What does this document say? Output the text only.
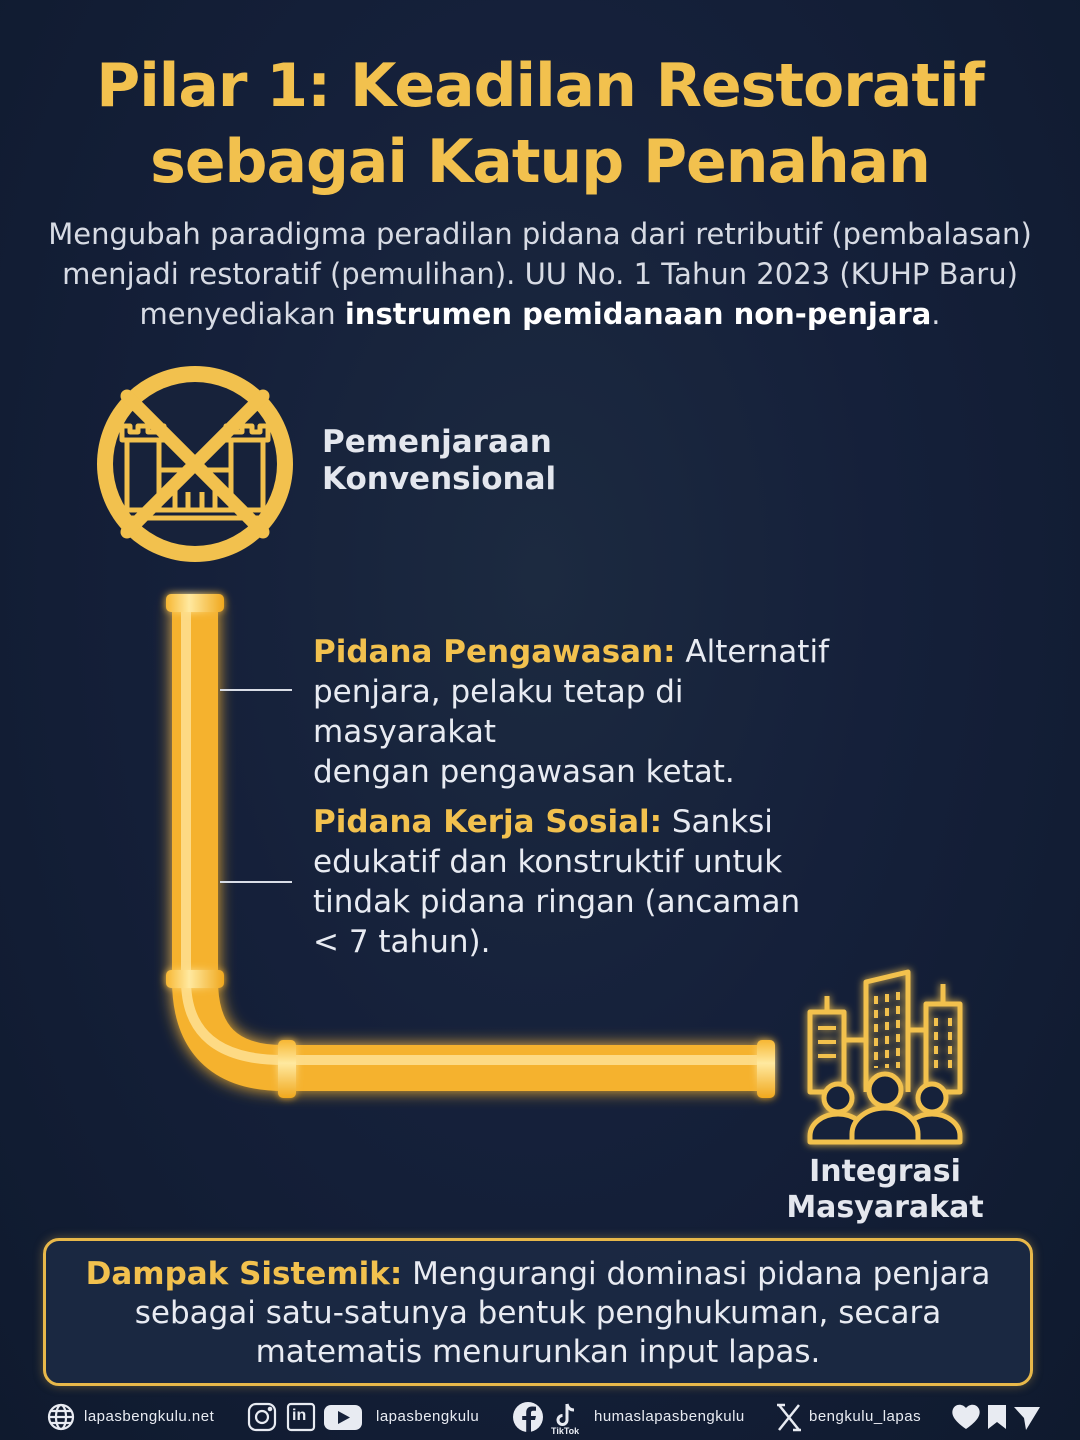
Pilar 1: Keadilan Restoratif
sebagai Katup Penahan
Mengubah paradigma peradilan pidana dari retributif (pembalasan)
menjadi restoratif (pemulihan). UU No. 1 Tahun 2023 (KUHP Baru)
menyediakan instrumen pemidanaan non-penjara.
Pemenjaraan
Konvensional
Pidana Pengawasan: Alternatif
penjara, pelaku tetap di masyarakat
dengan pengawasan ketat.
Pidana Kerja Sosial: Sanksi
edukatif dan konstruktif untuk
tindak pidana ringan (ancaman
< 7 tahun).
Integrasi
Masyarakat
Dampak Sistemik: Mengurangi dominasi pidana penjara
sebagai satu-satunya bentuk penghukuman, secara
matematis menurunkan input lapas.
lapasbengkulu.net	in	lapasbengkulu
TikTok
humaslapasbengkulu	bengkulu_lapas
